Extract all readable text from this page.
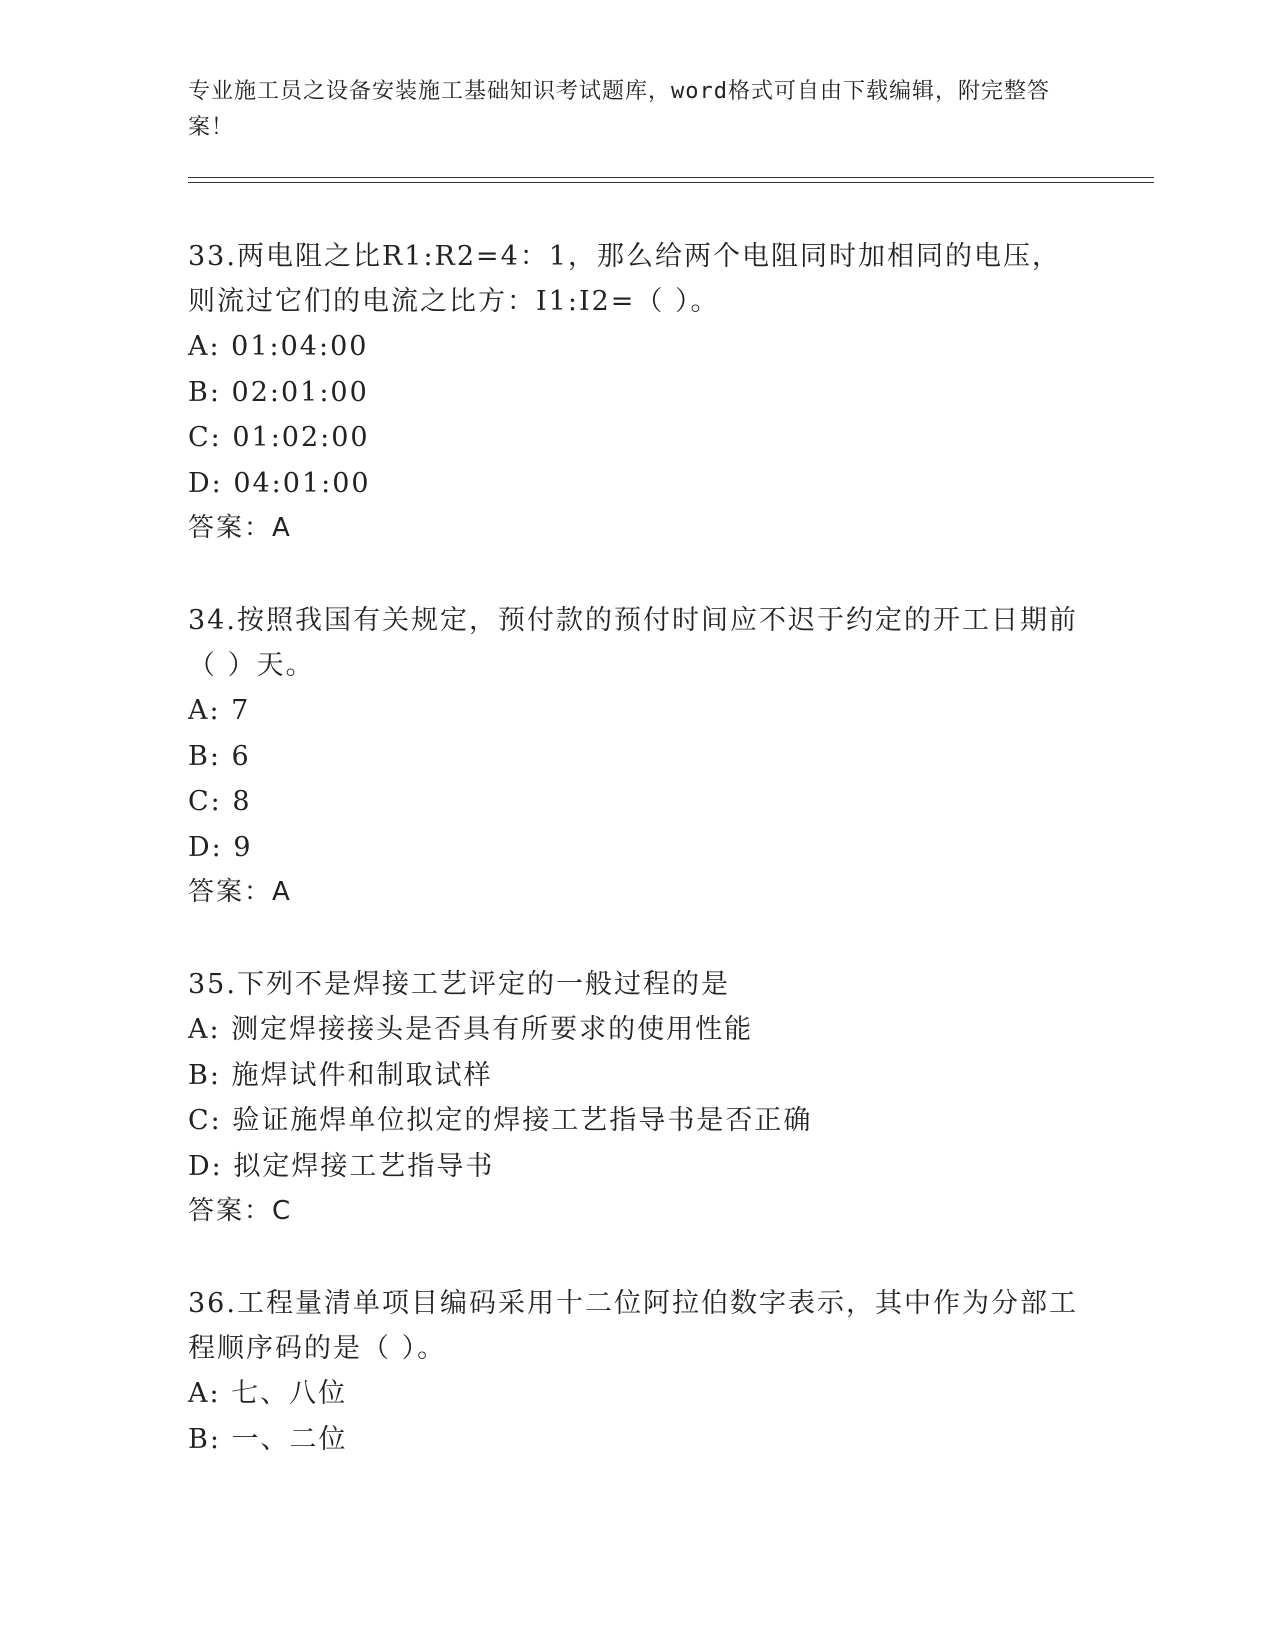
专业施工员之设备安装施工基础知识考试题库，word格式可自由下载编辑，附完整答案！

33.两电阻之比R1:R2=4：1，那么给两个电阻同时加相同的电压，则流过它们的电流之比方：I1:I2=（ ）。

A: 01:04:00
B: 02:01:00
C: 01:02:00
D: 04:01:00
答案：A

34.按照我国有关规定，预付款的预付时间应不迟于约定的开工日期前（ ）天。

A: 7
B: 6
C: 8
D: 9
答案：A

35.下列不是焊接工艺评定的一般过程的是

A: 测定焊接接头是否具有所要求的使用性能
B: 施焊试件和制取试样
C: 验证施焊单位拟定的焊接工艺指导书是否正确
D: 拟定焊接工艺指导书
答案：C

36.工程量清单项目编码采用十二位阿拉伯数字表示，其中作为分部工程顺序码的是（ ）。

A: 七、八位
B: 一、二位
